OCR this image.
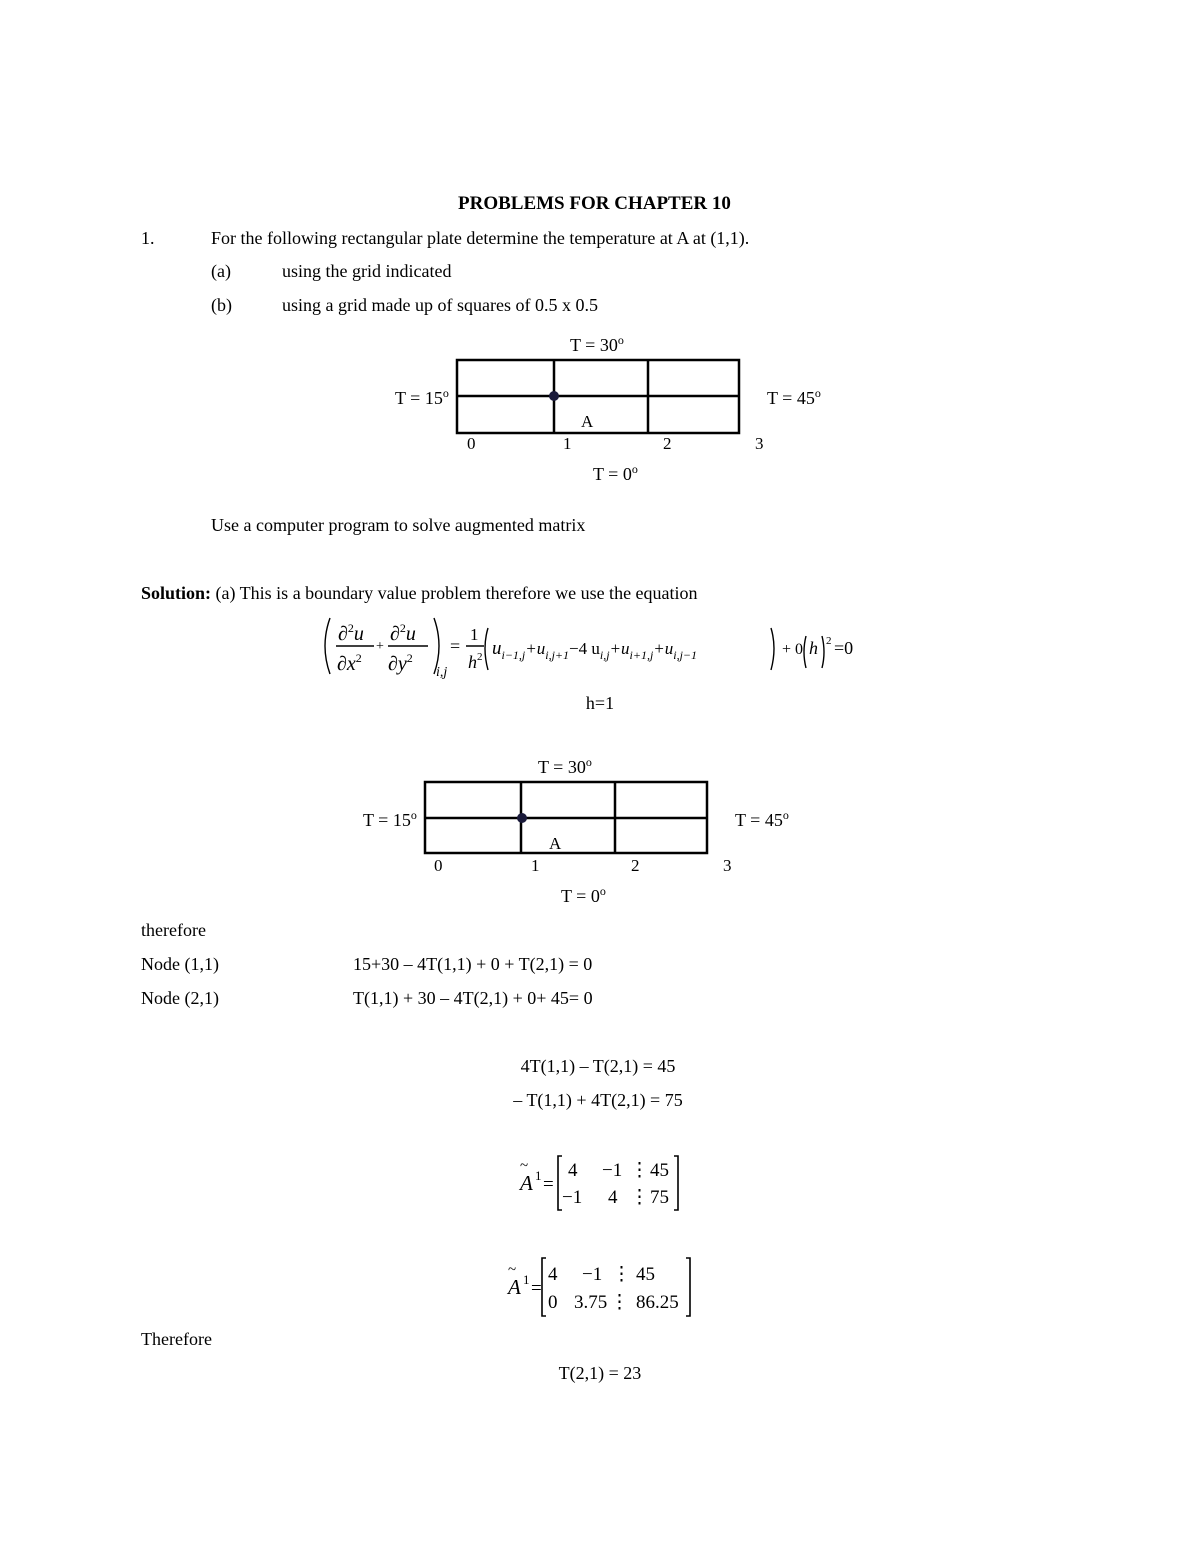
PROBLEMS FOR CHAPTER 10
1.	For the following rectangular plate determine the temperature at A at (1,1).
(a)	using the grid indicated
(b)	using a grid made up of squares of 0.5 x 0.5
$T = 30^o$
$T = 15^o$	$T = 45^o$
A
0	1	2	3
$T = 0^o$
Use a computer program to solve augmented matrix
Solution: (a) This is a boundary value problem therefore we use the equation
∂$^2$u
$\partial x^2$
+
∂$^2$u
$\partial y^2$
i,j
=
1
$h^2$ $u_{i-1,j}+u_{i,j+1}-4$ $u_{i,j}+u_{i+1,j}+u_{i,j-1}$	+ 0 h 2 =0
h=1
$T = 30^o$
$T = 15^o$	$T = 45^o$
A
0	1	2	3
$T = 0^o$
therefore
Node (1,1)	15+30 – 4T(1,1) + 0 + T(2,1) = 0
Node (2,1)	T(1,1) + 30 – 4T(2,1) + 0+ 45= 0
4T(1,1) – T(2,1) = 45
– T(1,1) + 4T(2,1) = 75
A
~
1 =
4 −1 ⋮ 45
−1 4 ⋮ 75
A
~
1 =
4 −1 ⋮ 45
0 3.75 ⋮ 86.25
Therefore
T(2,1) = 23
